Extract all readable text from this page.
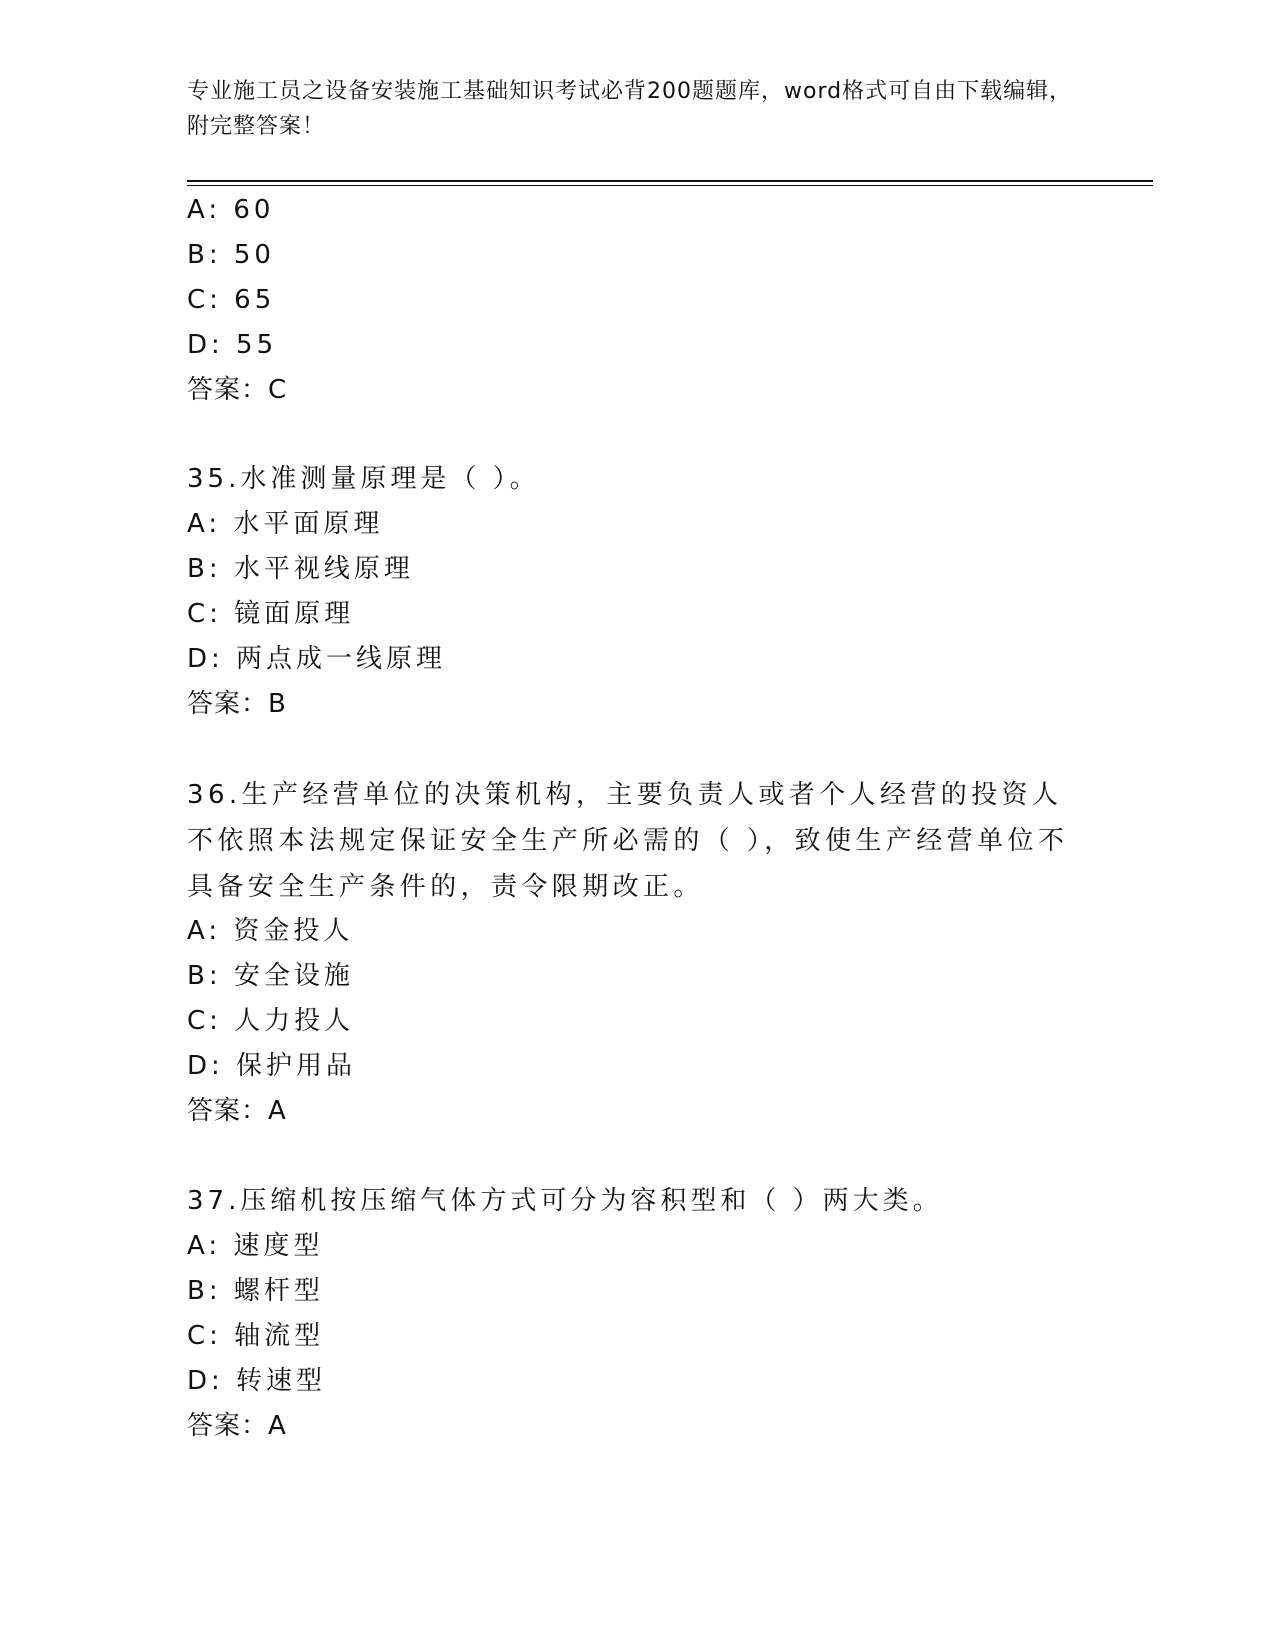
专业施工员之设备安装施工基础知识考试必背200题题库，word格式可自由下载编辑，附完整答案！
A: 60
B: 50
C: 65
D: 55
答案：C
35.水准测量原理是（ ）。
A: 水平面原理
B: 水平视线原理
C: 镜面原理
D: 两点成一线原理
答案：B
36.生产经营单位的决策机构，主要负责人或者个人经营的投资人不依照本法规定保证安全生产所必需的（ ），致使生产经营单位不具备安全生产条件的，责令限期改正。
A: 资金投人
B: 安全设施
C: 人力投人
D: 保护用品
答案：A
37.压缩机按压缩气体方式可分为容积型和（ ）两大类。
A: 速度型
B: 螺杆型
C: 轴流型
D: 转速型
答案：A
